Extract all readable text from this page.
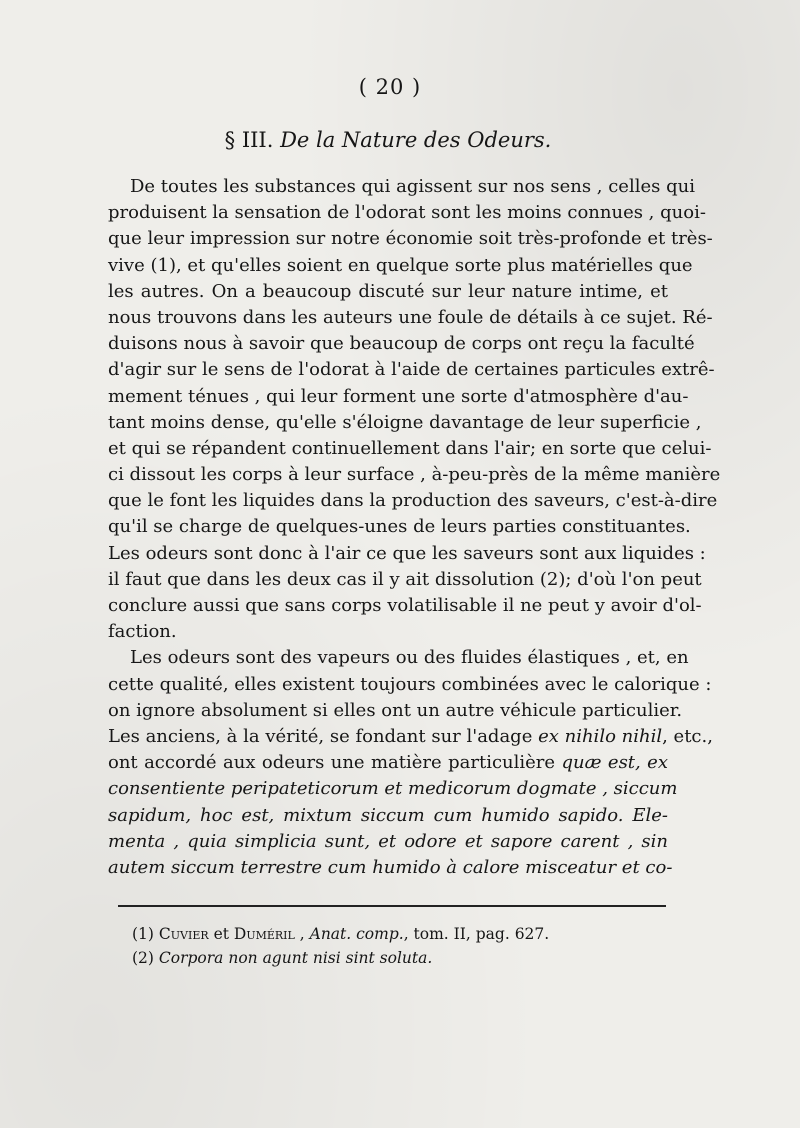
( 20 )
§ III. De la Nature des Odeurs.
De toutes les substances qui agissent sur nos sens , celles qui
produisent la sensation de l'odorat sont les moins connues , quoi-
que leur impression sur notre économie soit très-profonde et très-
vive (1), et qu'elles soient en quelque sorte plus matérielles que
les autres. On a beaucoup discuté sur leur nature intime, et
nous trouvons dans les auteurs une foule de détails à ce sujet. Ré-
duisons nous à savoir que beaucoup de corps ont reçu la faculté
d'agir sur le sens de l'odorat à l'aide de certaines particules extrê-
mement ténues , qui leur forment une sorte d'atmosphère d'au-
tant moins dense, qu'elle s'éloigne davantage de leur superficie ,
et qui se répandent continuellement dans l'air; en sorte que celui-
ci dissout les corps à leur surface , à-peu-près de la même manière
que le font les liquides dans la production des saveurs, c'est-à-dire
qu'il se charge de quelques-unes de leurs parties constituantes.
Les odeurs sont donc à l'air ce que les saveurs sont aux liquides :
il faut que dans les deux cas il y ait dissolution (2); d'où l'on peut
conclure aussi que sans corps volatilisable il ne peut y avoir d'ol-
faction.
Les odeurs sont des vapeurs ou des fluides élastiques , et, en
cette qualité, elles existent toujours combinées avec le calorique :
on ignore absolument si elles ont un autre véhicule particulier.
Les anciens, à la vérité, se fondant sur l'adage ex nihilo nihil, etc.,
ont accordé aux odeurs une matière particulière quæ est, ex
consentiente peripateticorum et medicorum dogmate , siccum
sapidum, hoc est, mixtum siccum cum humido sapido. Ele-
menta , quia simplicia sunt, et odore et sapore carent , sin
autem siccum terrestre cum humido à calore misceatur et co-
(1) Cuvier et Duméril , Anat. comp., tom. II, pag. 627.
(2) Corpora non agunt nisi sint soluta.
